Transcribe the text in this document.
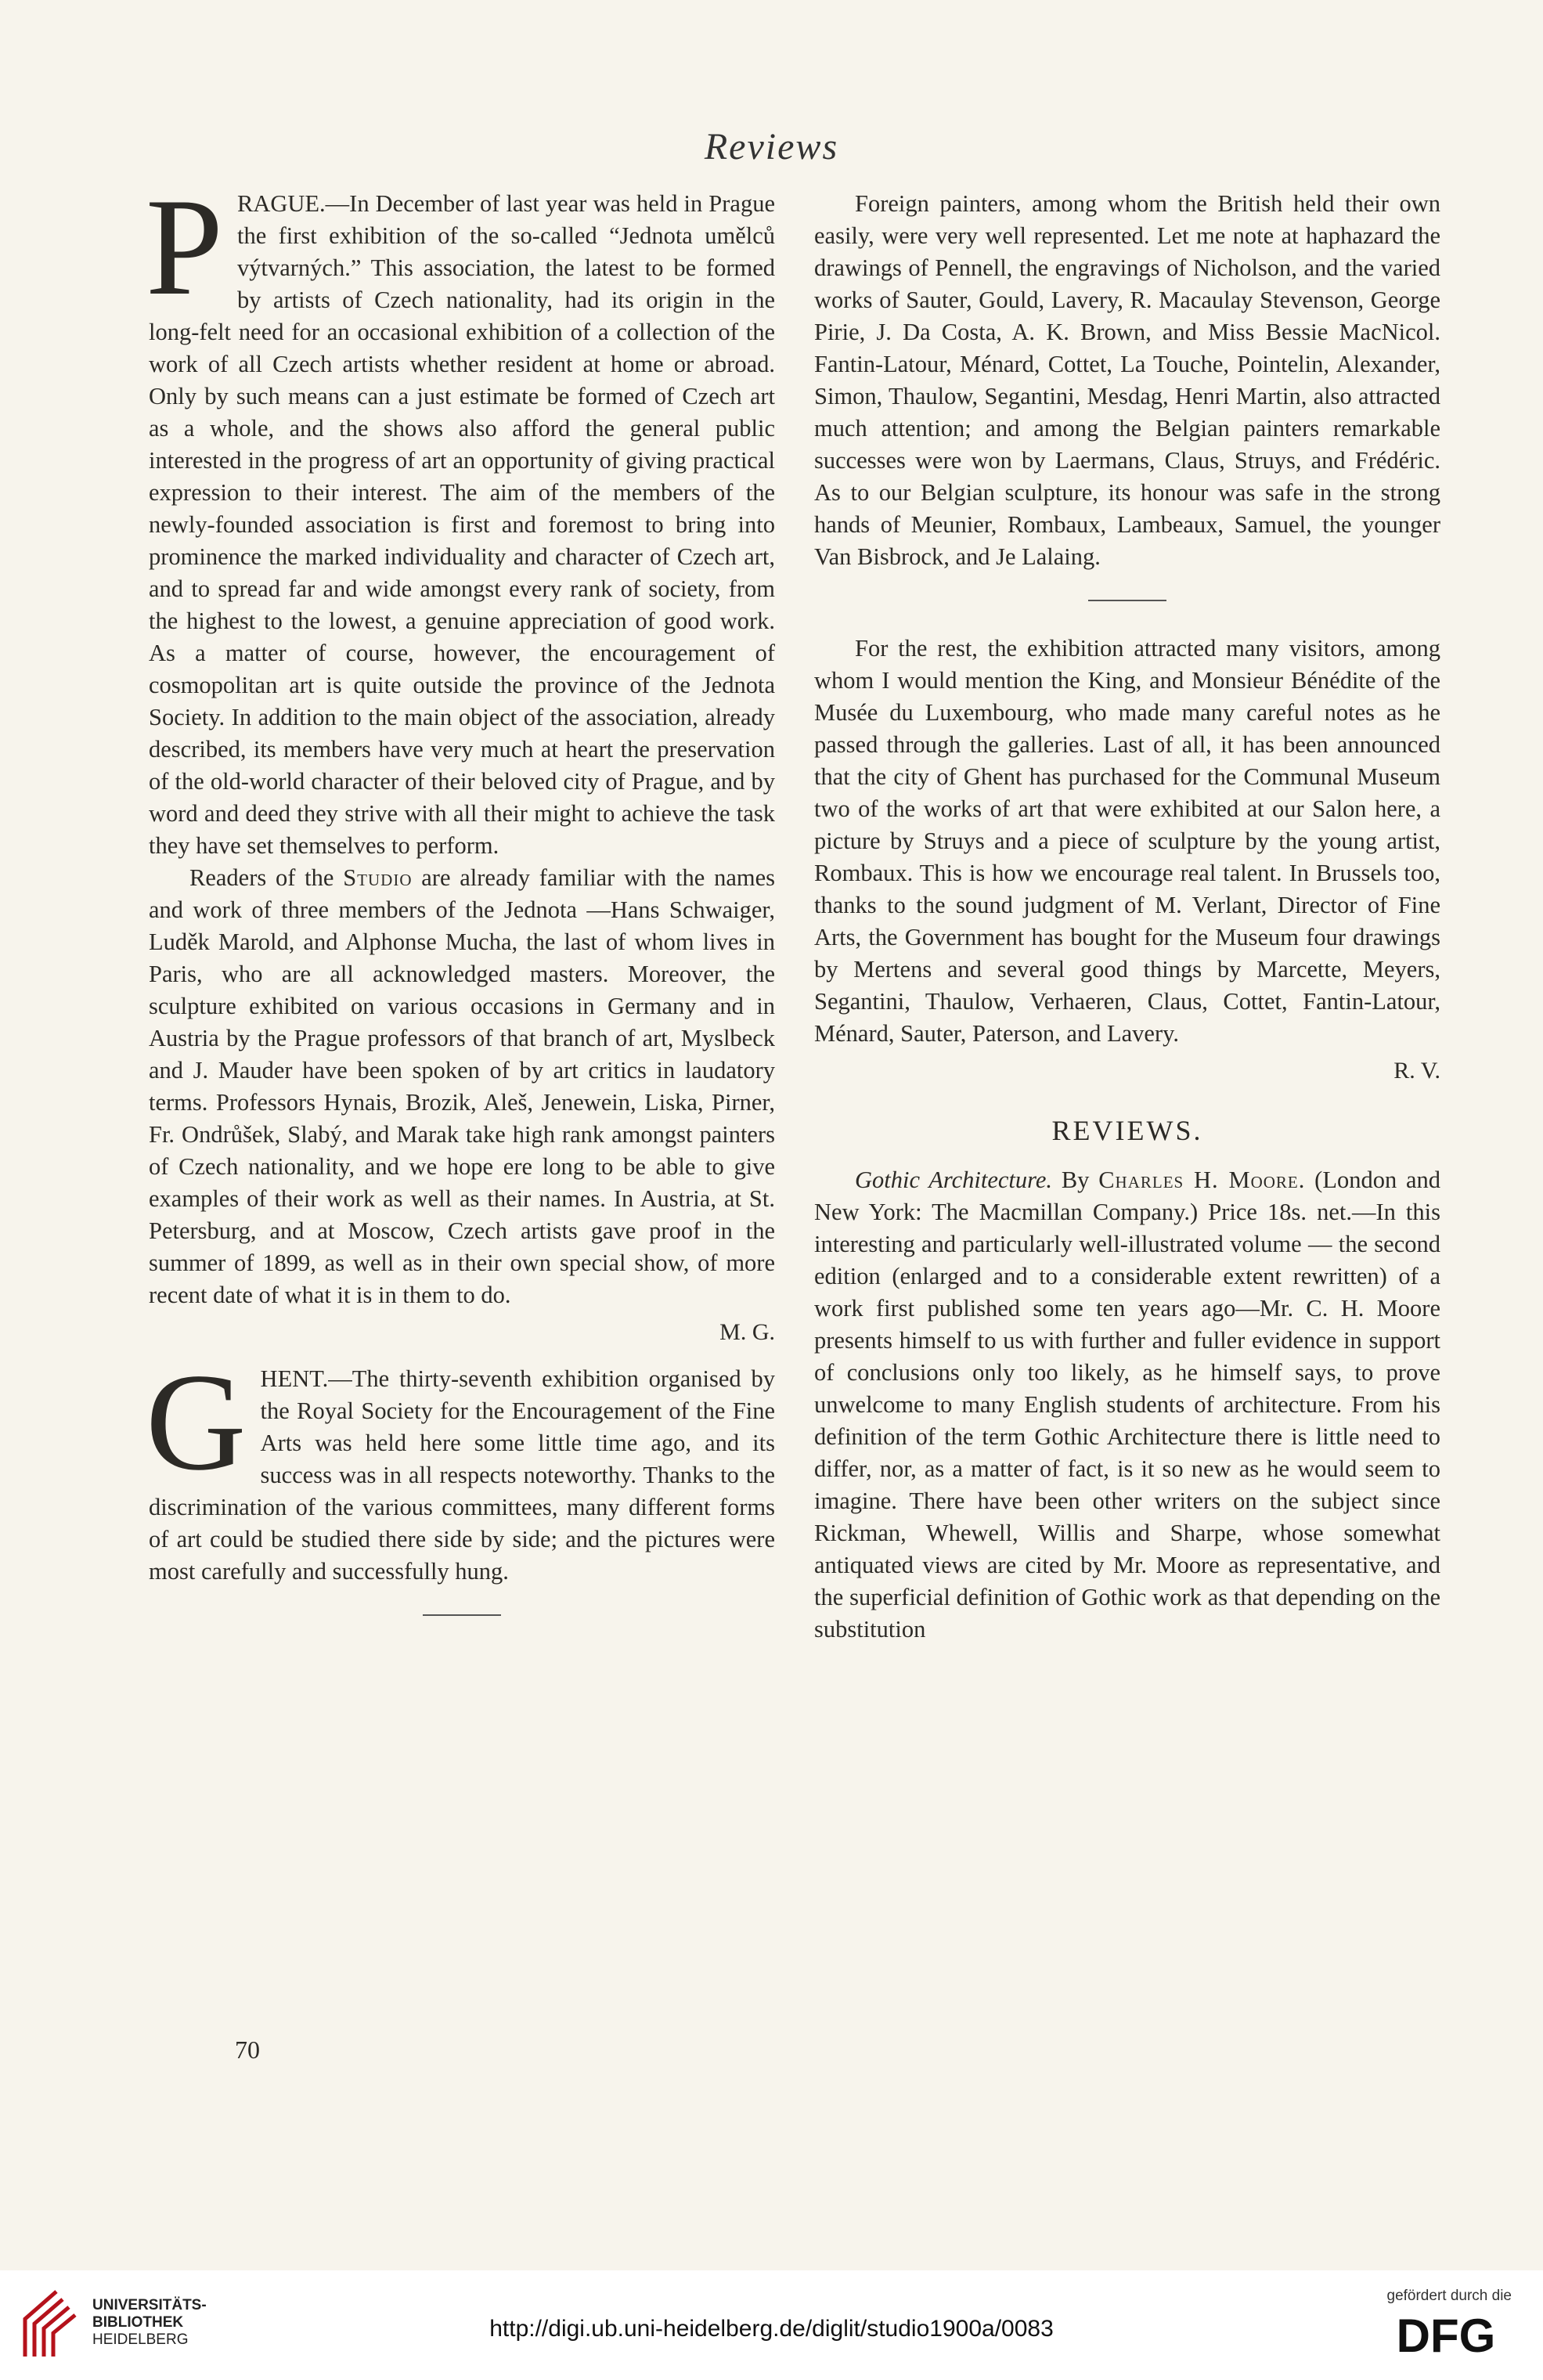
Reviews

PRAGUE.—In December of last year was held in Prague the first exhibition of the so-called “Jednota umělců výtvarných.” This association, the latest to be formed by artists of Czech nationality, had its origin in the long-felt need for an occasional exhibition of a collection of the work of all Czech artists whether resident at home or abroad. Only by such means can a just estimate be formed of Czech art as a whole, and the shows also afford the general public interested in the progress of art an opportunity of giving practical expression to their interest. The aim of the members of the newly-founded association is first and foremost to bring into prominence the marked individuality and character of Czech art, and to spread far and wide amongst every rank of society, from the highest to the lowest, a genuine appreciation of good work. As a matter of course, however, the encouragement of cosmopolitan art is quite outside the province of the Jednota Society. In addition to the main object of the association, already described, its members have very much at heart the preservation of the old-world character of their beloved city of Prague, and by word and deed they strive with all their might to achieve the task they have set themselves to perform.

Readers of the Studio are already familiar with the names and work of three members of the Jednota —Hans Schwaiger, Luděk Marold, and Alphonse Mucha, the last of whom lives in Paris, who are all acknowledged masters. Moreover, the sculpture exhibited on various occasions in Germany and in Austria by the Prague professors of that branch of art, Myslbeck and J. Mauder have been spoken of by art critics in laudatory terms. Professors Hynais, Brozik, Aleš, Jenewein, Liska, Pirner, Fr. Ondrůšek, Slabý, and Marak take high rank amongst painters of Czech nationality, and we hope ere long to be able to give examples of their work as well as their names. In Austria, at St. Petersburg, and at Moscow, Czech artists gave proof in the summer of 1899, as well as in their own special show, of more recent date of what it is in them to do.

M. G.

GHENT.—The thirty-seventh exhibition organised by the Royal Society for the Encouragement of the Fine Arts was held here some little time ago, and its success was in all respects noteworthy. Thanks to the discrimination of the various committees, many different forms of art could be studied there side by side; and the pictures were most carefully and successfully hung.

Foreign painters, among whom the British held their own easily, were very well represented. Let me note at haphazard the drawings of Pennell, the engravings of Nicholson, and the varied works of Sauter, Gould, Lavery, R. Macaulay Stevenson, George Pirie, J. Da Costa, A. K. Brown, and Miss Bessie MacNicol. Fantin-Latour, Ménard, Cottet, La Touche, Pointelin, Alexander, Simon, Thaulow, Segantini, Mesdag, Henri Martin, also attracted much attention; and among the Belgian painters remarkable successes were won by Laermans, Claus, Struys, and Frédéric. As to our Belgian sculpture, its honour was safe in the strong hands of Meunier, Rombaux, Lambeaux, Samuel, the younger Van Bisbrock, and Je Lalaing.

For the rest, the exhibition attracted many visitors, among whom I would mention the King, and Monsieur Bénédite of the Musée du Luxembourg, who made many careful notes as he passed through the galleries. Last of all, it has been announced that the city of Ghent has purchased for the Communal Museum two of the works of art that were exhibited at our Salon here, a picture by Struys and a piece of sculpture by the young artist, Rombaux. This is how we encourage real talent. In Brussels too, thanks to the sound judgment of M. Verlant, Director of Fine Arts, the Government has bought for the Museum four drawings by Mertens and several good things by Marcette, Meyers, Segantini, Thaulow, Verhaeren, Claus, Cottet, Fantin-Latour, Ménard, Sauter, Paterson, and Lavery.

R. V.
REVIEWS.

Gothic Architecture. By Charles H. Moore. (London and New York: The Macmillan Company.) Price 18s. net.—In this interesting and particularly well-illustrated volume — the second edition (enlarged and to a considerable extent rewritten) of a work first published some ten years ago—Mr. C. H. Moore presents himself to us with further and fuller evidence in support of conclusions only too likely, as he himself says, to prove unwelcome to many English students of architecture. From his definition of the term Gothic Architecture there is little need to differ, nor, as a matter of fact, is it so new as he would seem to imagine. There have been other writers on the subject since Rickman, Whewell, Willis and Sharpe, whose somewhat antiquated views are cited by Mr. Moore as representative, and the superficial definition of Gothic work as that depending on the substitution

70
UNIVERSITÄTS-
BIBLIOTHEK
HEIDELBERG	http://digi.ub.uni-heidelberg.de/diglit/studio1900a/0083
gefördert durch die
DFG
